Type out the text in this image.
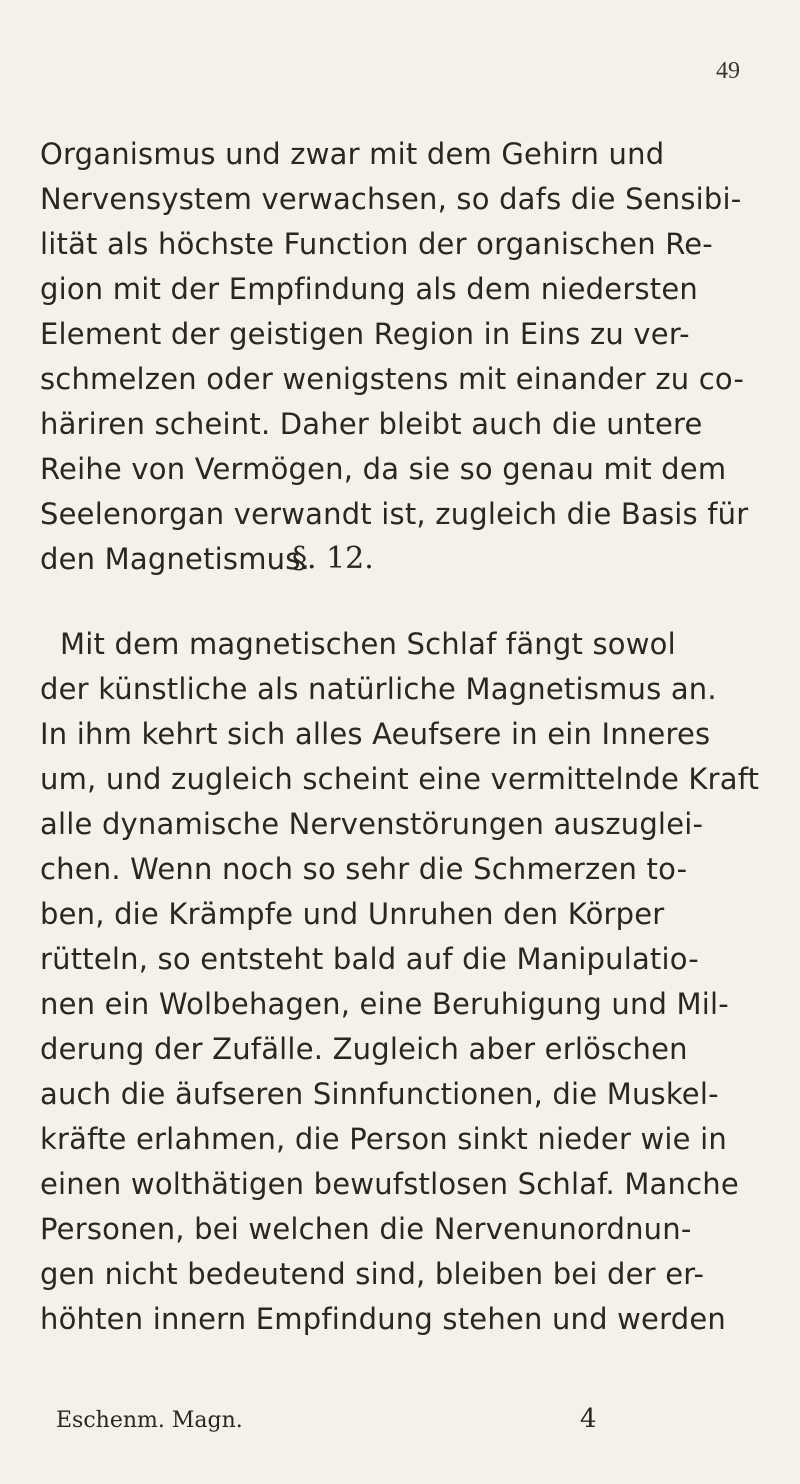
49
Organismus und zwar mit dem Gehirn und
Nervensystem verwachsen, so dafs die Sensibi-
lität als höchste Function der organischen Re-
gion mit der Empfindung als dem niedersten
Element der geistigen Region in Eins zu ver-
schmelzen oder wenigstens mit einander zu co-
häriren scheint. Daher bleibt auch die untere
Reihe von Vermögen, da sie so genau mit dem
Seelenorgan verwandt ist, zugleich die Basis für
den Magnetismus.
§. 12.
Mit dem magnetischen Schlaf fängt sowol
der künstliche als natürliche Magnetismus an.
In ihm kehrt sich alles Aeufsere in ein Inneres
um, und zugleich scheint eine vermittelnde Kraft
alle dynamische Nervenstörungen auszuglei-
chen. Wenn noch so sehr die Schmerzen to-
ben, die Krämpfe und Unruhen den Körper
rütteln, so entsteht bald auf die Manipulatio-
nen ein Wolbehagen, eine Beruhigung und Mil-
derung der Zufälle. Zugleich aber erlöschen
auch die äufseren Sinnfunctionen, die Muskel-
kräfte erlahmen, die Person sinkt nieder wie in
einen wolthätigen bewufstlosen Schlaf. Manche
Personen, bei welchen die Nervenunordnun-
gen nicht bedeutend sind, bleiben bei der er-
höhten innern Empfindung stehen und werden
Eschenm. Magn.	4
